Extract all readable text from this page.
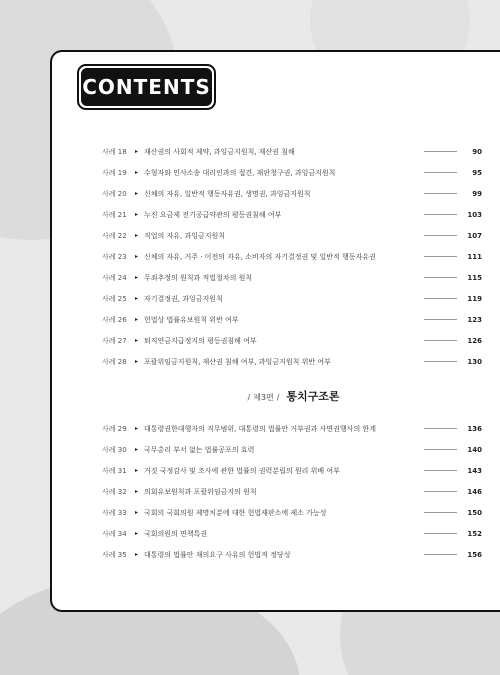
CONTENTS
사례 18	▸ 재산권의 사회적 제약, 과잉금지원칙, 재산권 침해	90
사례 19	▸ 수형자와 민사소송 대리인과의 접견, 재판청구권, 과잉금지원칙	95
사례 20	▸ 신체의 자유, 일반적 행동자유권, 생명권, 과잉금지원칙	99
사례 21	▸ 누진 요금제 전기공급약관의 평등권침해 여부	103
사례 22	▸ 직업의 자유, 과잉금지원칙	107
사례 23	▸ 신체의 자유, 거주 · 이전의 자유, 소비자의 자기결정권 및 일반적 행동자유권	111
사례 24	▸ 무죄추정의 원칙과 적법절차의 원칙	115
사례 25	▸ 자기결정권, 과잉금지원칙	119
사례 26	▸ 헌법상 법률유보원칙 위반 여부	123
사례 27	▸ 퇴직연금지급정지의 평등권침해 여부	126
사례 28	▸ 포괄위임금지원칙, 재산권 침해 여부, 과잉금지원칙 위반 여부	130
/ 제3편 / 통치구조론
사례 29	▸ 대통령권한대행자의 직무범위, 대통령의 법률안 거부권과 사면권행사의 한계	136
사례 30	▸ 국무총리 부서 없는 법률공포의 효력	140
사례 31	▸ 거짓 국정감사 및 조사에 관한 법률의 권력분립의 원리 위배 여부	143
사례 32	▸ 의회유보원칙과 포괄위임금지의 원칙	146
사례 33	▸ 국회의 국회의원 제명처분에 대한 헌법재판소에 제소 가능성	150
사례 34	▸ 국회의원의 면책특권	152
사례 35	▸ 대통령의 법률안 재의요구 사유의 헌법적 정당성	156
